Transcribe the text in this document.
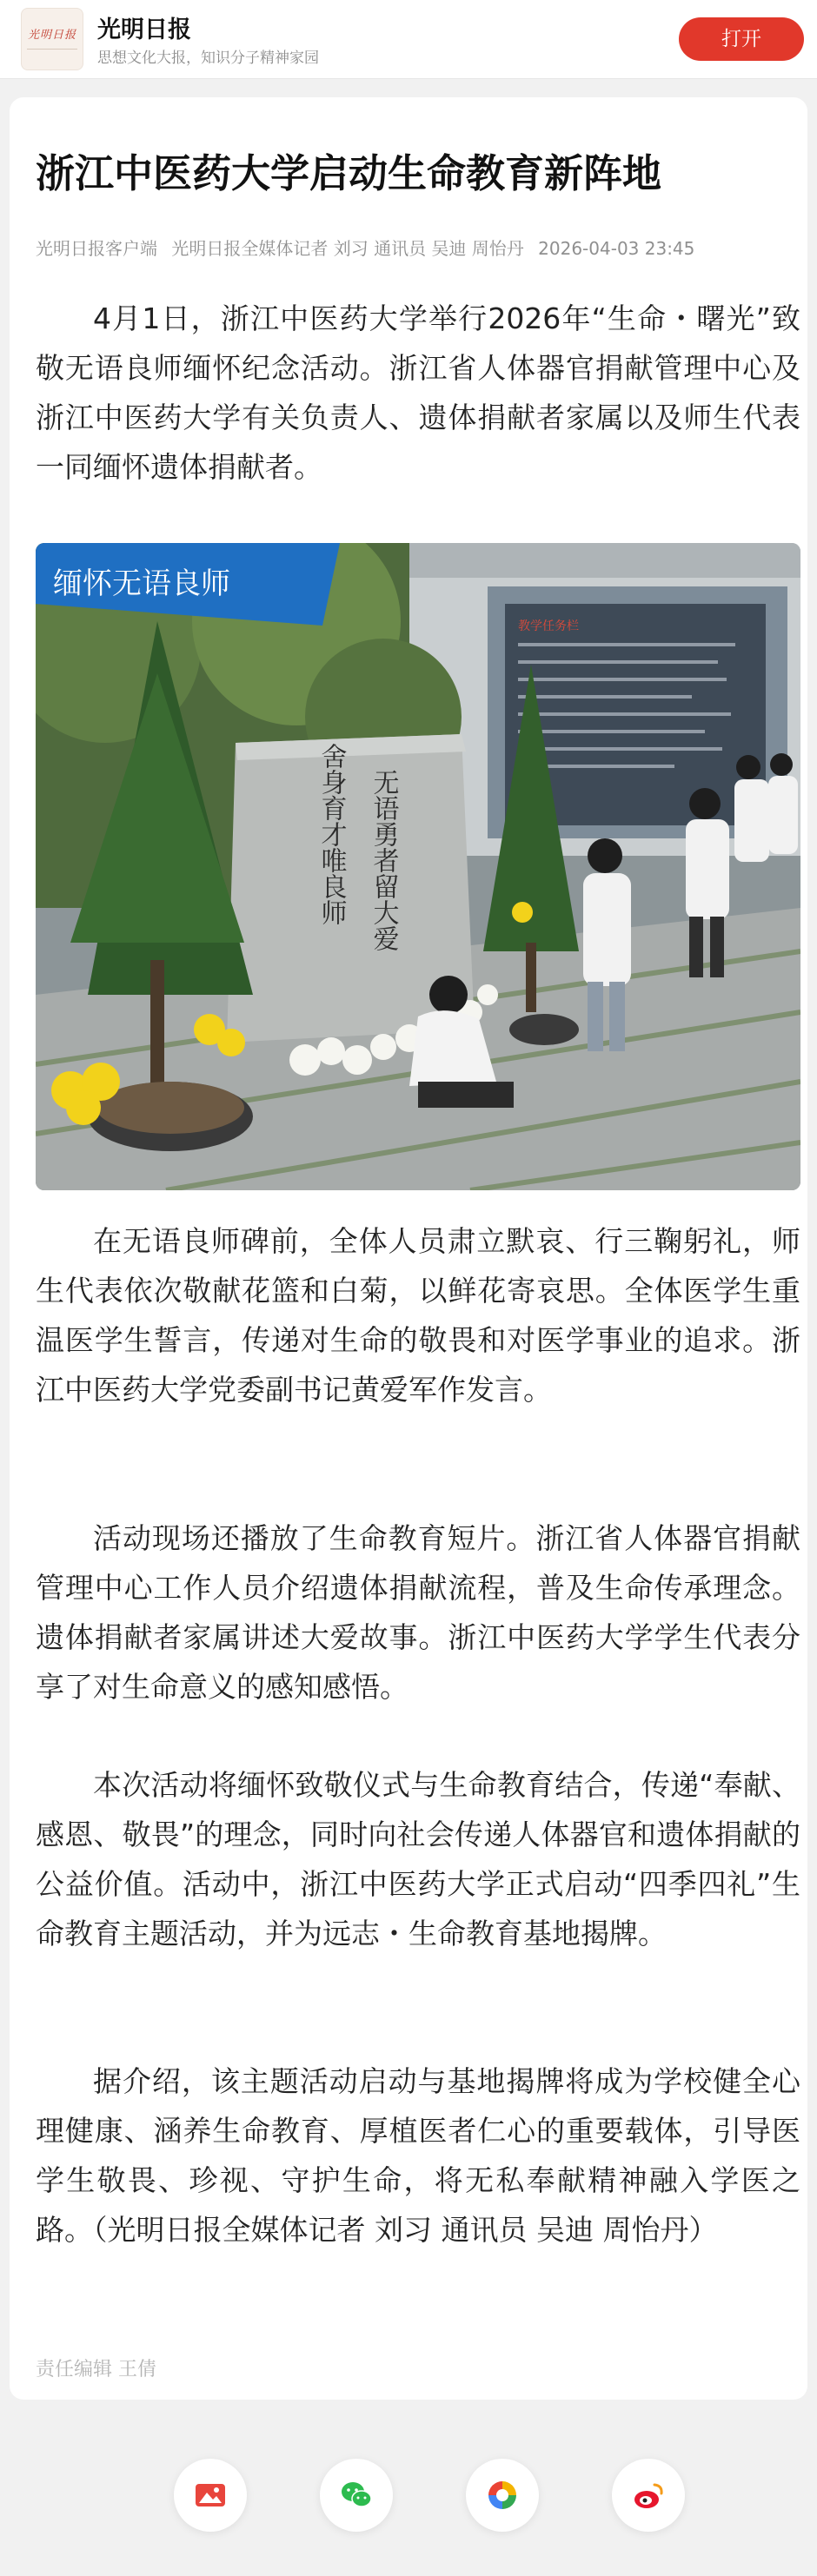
光明日报 光明日报
思想文化大报，知识分子精神家园
打开
浙江中医药大学启动生命教育新阵地
光明日报客户端 光明日报全媒体记者 刘习 通讯员 吴迪 周怡丹 2026-04-03 23:45

4月1日，浙江中医药大学举行2026年“生命・曙光”致敬无语良师缅怀纪念活动。浙江省人体器官捐献管理中心及浙江中医药大学有关负责人、遗体捐献者家属以及师生代表一同缅怀遗体捐献者。

教学任务栏
缅怀无语良师
无语勇者留大爱
舍身育才唯良师

在无语良师碑前，全体人员肃立默哀、行三鞠躬礼，师生代表依次敬献花篮和白菊，以鲜花寄哀思。全体医学生重温医学生誓言，传递对生命的敬畏和对医学事业的追求。浙江中医药大学党委副书记黄爱军作发言。

活动现场还播放了生命教育短片。浙江省人体器官捐献管理中心工作人员介绍遗体捐献流程，普及生命传承理念。遗体捐献者家属讲述大爱故事。浙江中医药大学学生代表分享了对生命意义的感知感悟。

本次活动将缅怀致敬仪式与生命教育结合，传递“奉献、感恩、敬畏”的理念，同时向社会传递人体器官和遗体捐献的公益价值。活动中，浙江中医药大学正式启动“四季四礼”生命教育主题活动，并为远志・生命教育基地揭牌。

据介绍，该主题活动启动与基地揭牌将成为学校健全心理健康、涵养生命教育、厚植医者仁心的重要载体，引导医学生敬畏、珍视、守护生命，将无私奉献精神融入学医之路。（光明日报全媒体记者 刘习 通讯员 吴迪 周怡丹）

责任编辑 王倩
